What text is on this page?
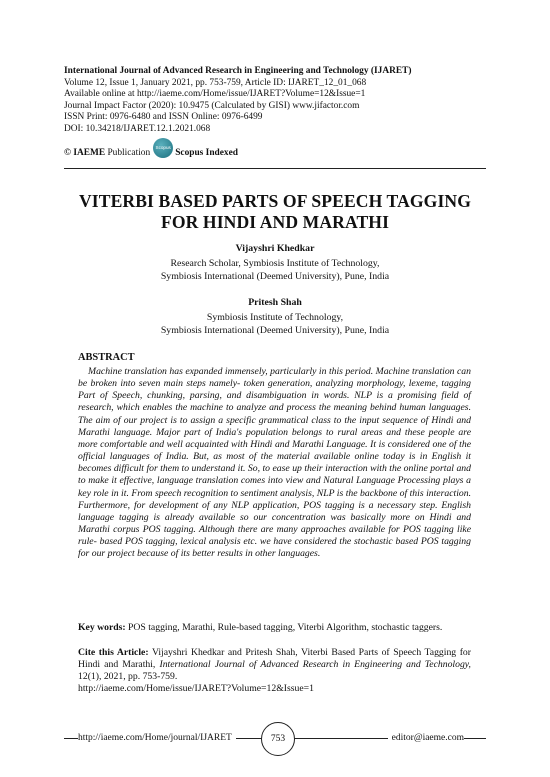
International Journal of Advanced Research in Engineering and Technology (IJARET)
Volume 12, Issue 1, January 2021, pp. 753-759, Article ID: IJARET_12_01_068
Available online at http://iaeme.com/Home/issue/IJARET?Volume=12&Issue=1
Journal Impact Factor (2020): 10.9475 (Calculated by GISI) www.jifactor.com
ISSN Print: 0976-6480 and ISSN Online: 0976-6499
DOI: 10.34218/IJARET.12.1.2021.068
© IAEME
Publication
Scopus
Scopus Indexed
VITERBI BASED PARTS OF SPEECH TAGGING
FOR HINDI AND MARATHI
Vijayshri Khedkar
Research Scholar, Symbiosis Institute of Technology,
Symbiosis International (Deemed University), Pune, India
Pritesh Shah
Symbiosis Institute of Technology,
Symbiosis International (Deemed University), Pune, India
ABSTRACT

Machine translation has expanded immensely, particularly in this period. Machine translation can be broken into seven main steps namely- token generation, analyzing morphology, lexeme, tagging Part of Speech, chunking, parsing, and disambiguation in words. NLP is a promising field of research, which enables the machine to analyze and process the meaning behind human languages. The aim of our project is to assign a specific grammatical class to the input sequence of Hindi and Marathi language. Major part of India's population belongs to rural areas and these people are more comfortable and well acquainted with Hindi and Marathi Language. It is considered one of the official languages of India. But, as most of the material available online today is in English it becomes difficult for them to understand it. So, to ease up their interaction with the online portal and to make it effective, language translation comes into view and Natural Language Processing plays a key role in it. From speech recognition to sentiment analysis, NLP is the backbone of this interaction. Furthermore, for development of any NLP application, POS tagging is a necessary step. English language tagging is already available so our concentration was basically more on Hindi and Marathi corpus POS tagging. Although there are many approaches available for POS tagging like rule- based POS tagging, lexical analysis etc. we have considered the stochastic based POS tagging for our project because of its better results in other languages.

Key words: POS tagging, Marathi, Rule-based tagging, Viterbi Algorithm, stochastic taggers.

Cite this Article: Vijayshri Khedkar and Pritesh Shah, Viterbi Based Parts of Speech Tagging for Hindi and Marathi, International Journal of Advanced Research in Engineering and Technology, 12(1), 2021, pp. 753-759.
http://iaeme.com/Home/issue/IJARET?Volume=12&Issue=1

http://iaeme.com/Home/journal/IJARET	753	editor@iaeme.com
